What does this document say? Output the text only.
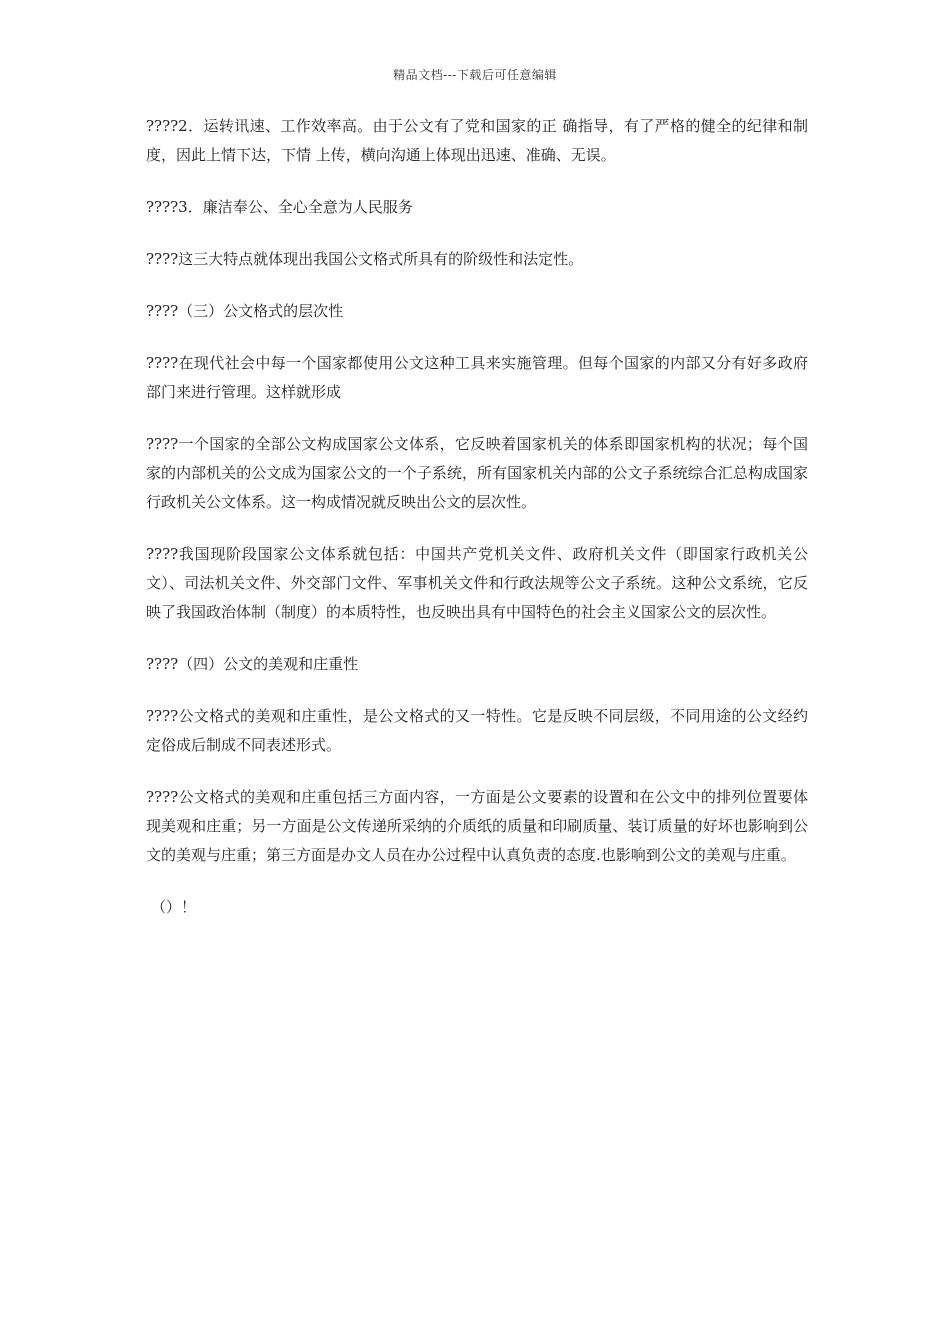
精品文档---下载后可任意编辑

????2．运转讯速、工作效率高。由于公文有了党和国家的正 确指导，有了严格的健全的纪律和制度，因此上情下达，下情 上传，横向沟通上体现出迅速、准确、无误。

????3．廉洁奉公、全心全意为人民服务

????这三大特点就体现出我国公文格式所具有的阶级性和法定性。

????（三）公文格式的层次性

????在现代社会中每一个国家都使用公文这种工具来实施管理。但每个国家的内部又分有好多政府部门来进行管理。这样就形成

????一个国家的全部公文构成国家公文体系，它反映着国家机关的体系即国家机构的状况；每个国家的内部机关的公文成为国家公文的一个子系统，所有国家机关内部的公文子系统综合汇总构成国家行政机关公文体系。这一构成情况就反映出公文的层次性。

????我国现阶段国家公文体系就包括：中国共产党机关文件、政府机关文件（即国家行政机关公文）、司法机关文件、外交部门文件、军事机关文件和行政法规等公文子系统。这种公文系统，它反映了我国政治体制（制度）的本质特性，也反映出具有中国特色的社会主义国家公文的层次性。

????（四）公文的美观和庄重性

????公文格式的美观和庄重性，是公文格式的又一特性。它是反映不同层级，不同用途的公文经约定俗成后制成不同表述形式。

????公文格式的美观和庄重包括三方面内容，一方面是公文要素的设置和在公文中的排列位置要体现美观和庄重；另一方面是公文传递所采纳的介质纸的质量和印刷质量、装订质量的好坏也影响到公文的美观与庄重；第三方面是办文人员在办公过程中认真负责的态度.也影响到公文的美观与庄重。

（）！
